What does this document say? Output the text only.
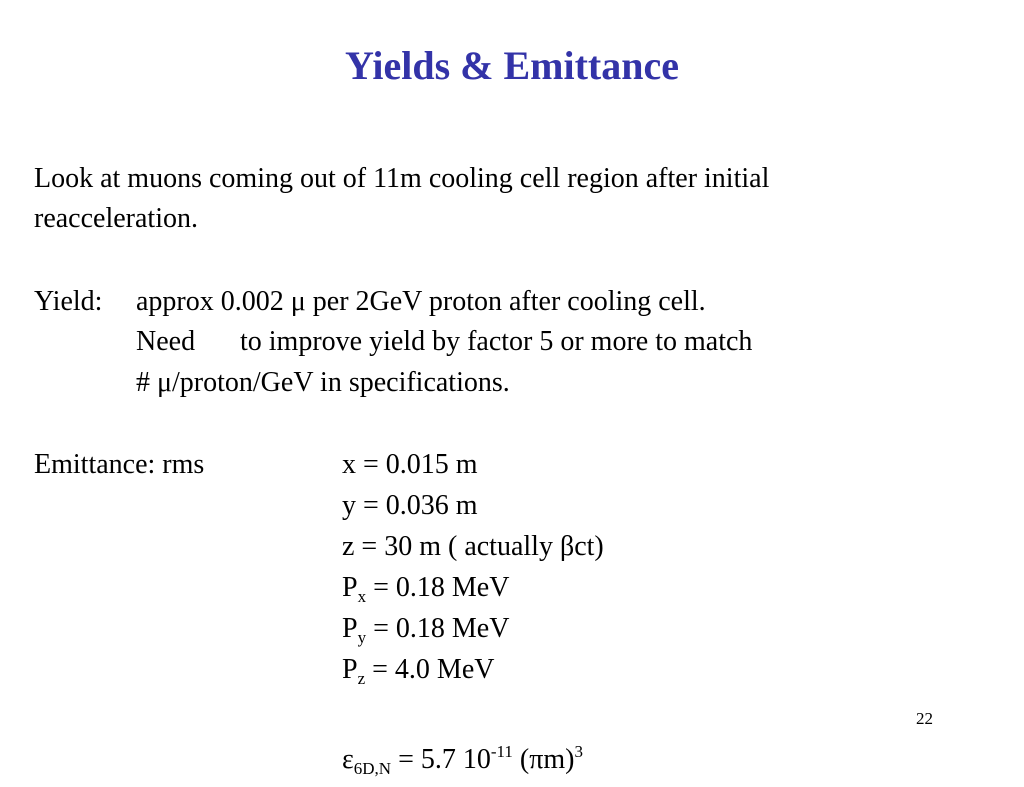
Yields & Emittance
Look at muons coming out of 11m cooling cell region after initial
reacceleration.
Yield: approx 0.002 μ per 2GeV proton after cooling cell.
Need to improve yield by factor 5 or more to match
# μ/proton/GeV in specifications.
Emittance: rms	x = 0.015 m
y = 0.036 m
z = 30 m ( actually βct)
$P_x = 0.18$ MeV
$P_y = 0.18$ MeV
$P_z = 4.0$ MeV
22
$\varepsilon_{6D,N} = 5.7$ $10^{-11}$ $(\pi m)^3$
